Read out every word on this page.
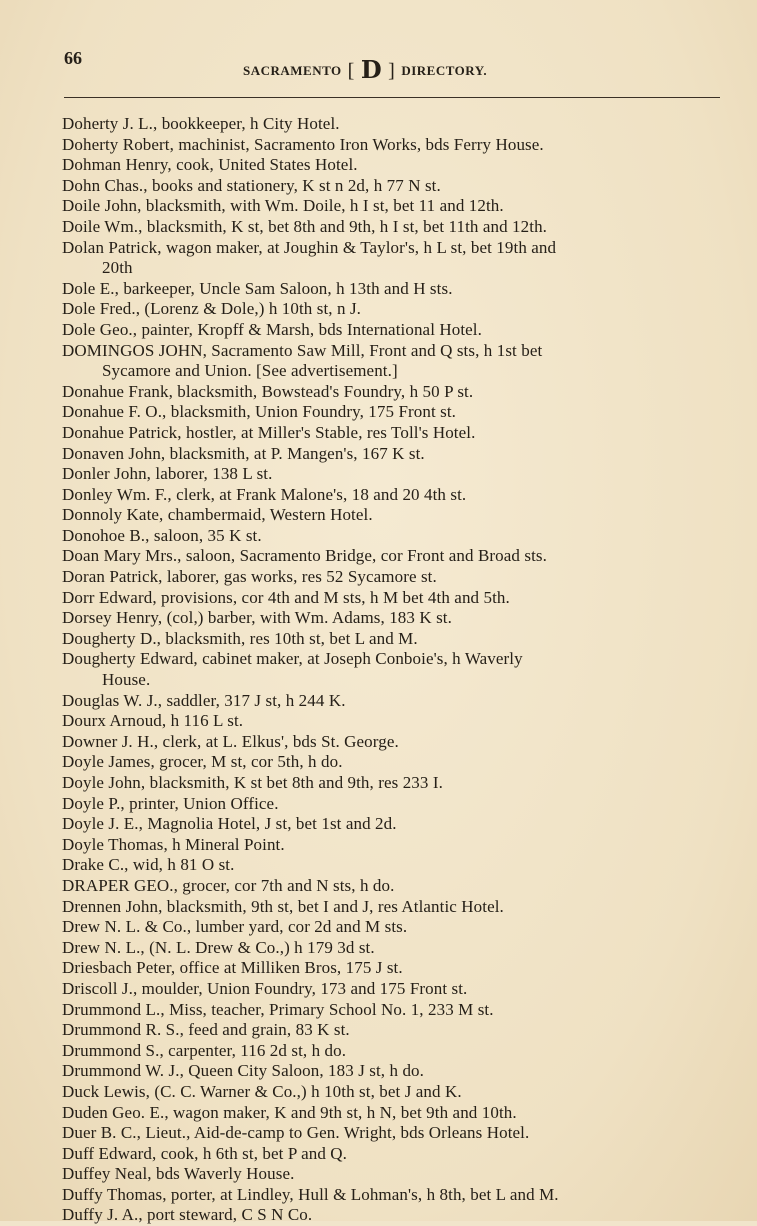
66
SACRAMENTO [ D ] DIRECTORY.
Doherty J. L., bookkeeper, h City Hotel.
Doherty Robert, machinist, Sacramento Iron Works, bds Ferry House.
Dohman Henry, cook, United States Hotel.
Dohn Chas., books and stationery, K st n 2d, h 77 N st.
Doile John, blacksmith, with Wm. Doile, h I st, bet 11 and 12th.
Doile Wm., blacksmith, K st, bet 8th and 9th, h I st, bet 11th and 12th.
Dolan Patrick, wagon maker, at Joughin & Taylor's, h L st, bet 19th and
20th
Dole E., barkeeper, Uncle Sam Saloon, h 13th and H sts.
Dole Fred., (Lorenz & Dole,) h 10th st, n J.
Dole Geo., painter, Kropff & Marsh, bds International Hotel.
DOMINGOS JOHN, Sacramento Saw Mill, Front and Q sts, h 1st bet
Sycamore and Union. [See advertisement.]
Donahue Frank, blacksmith, Bowstead's Foundry, h 50 P st.
Donahue F. O., blacksmith, Union Foundry, 175 Front st.
Donahue Patrick, hostler, at Miller's Stable, res Toll's Hotel.
Donaven John, blacksmith, at P. Mangen's, 167 K st.
Donler John, laborer, 138 L st.
Donley Wm. F., clerk, at Frank Malone's, 18 and 20 4th st.
Donnoly Kate, chambermaid, Western Hotel.
Donohoe B., saloon, 35 K st.
Doan Mary Mrs., saloon, Sacramento Bridge, cor Front and Broad sts.
Doran Patrick, laborer, gas works, res 52 Sycamore st.
Dorr Edward, provisions, cor 4th and M sts, h M bet 4th and 5th.
Dorsey Henry, (col,) barber, with Wm. Adams, 183 K st.
Dougherty D., blacksmith, res 10th st, bet L and M.
Dougherty Edward, cabinet maker, at Joseph Conboie's, h Waverly
House.
Douglas W. J., saddler, 317 J st, h 244 K.
Dourx Arnoud, h 116 L st.
Downer J. H., clerk, at L. Elkus', bds St. George.
Doyle James, grocer, M st, cor 5th, h do.
Doyle John, blacksmith, K st bet 8th and 9th, res 233 I.
Doyle P., printer, Union Office.
Doyle J. E., Magnolia Hotel, J st, bet 1st and 2d.
Doyle Thomas, h Mineral Point.
Drake C., wid, h 81 O st.
DRAPER GEO., grocer, cor 7th and N sts, h do.
Drennen John, blacksmith, 9th st, bet I and J, res Atlantic Hotel.
Drew N. L. & Co., lumber yard, cor 2d and M sts.
Drew N. L., (N. L. Drew & Co.,) h 179 3d st.
Driesbach Peter, office at Milliken Bros, 175 J st.
Driscoll J., moulder, Union Foundry, 173 and 175 Front st.
Drummond L., Miss, teacher, Primary School No. 1, 233 M st.
Drummond R. S., feed and grain, 83 K st.
Drummond S., carpenter, 116 2d st, h do.
Drummond W. J., Queen City Saloon, 183 J st, h do.
Duck Lewis, (C. C. Warner & Co.,) h 10th st, bet J and K.
Duden Geo. E., wagon maker, K and 9th st, h N, bet 9th and 10th.
Duer B. C., Lieut., Aid-de-camp to Gen. Wright, bds Orleans Hotel.
Duff Edward, cook, h 6th st, bet P and Q.
Duffey Neal, bds Waverly House.
Duffy Thomas, porter, at Lindley, Hull & Lohman's, h 8th, bet L and M.
Duffy J. A., port steward, C S N Co.
